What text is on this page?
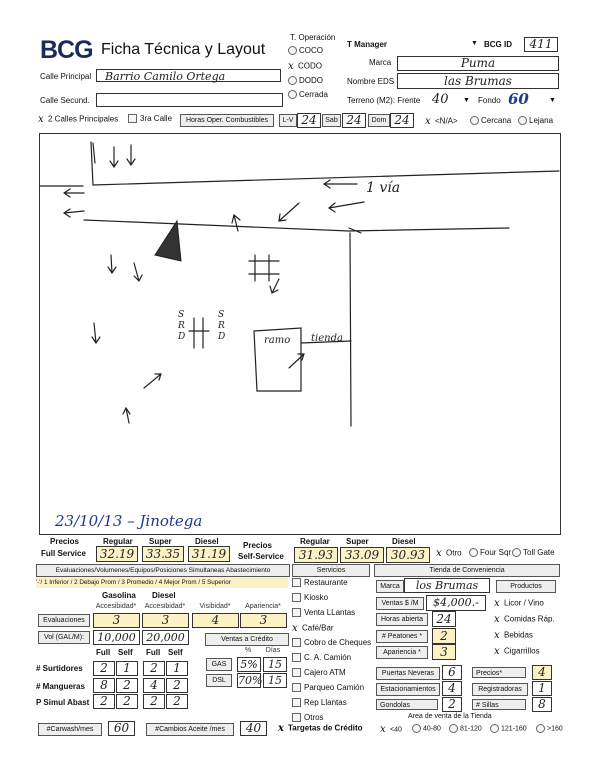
BCG Ficha Técnica y Layout
T. Operación
COCO
x CODO
DODO
Cerrada
T Manager	▼ BCG ID	411
Marca	Puma
Nombre EDS	las Brumas
Terreno (M2): Frente 40 ▼ Fondo 60	▼
Calle Principal	Barrio Camilo Ortega
Calle Secund.
x 2 Calles Principales	3ra Calle	Horas Oper. Combustibles	L-V 24	Sab 24	Dom 24	x <N/A>	Cercana	Lejana
1 vía
ramo tienda
S
R
D
S
R
D
23/10/13 – Jinotega
Precios
Full Service
Regular Super	Diesel
32.19 33.35 31.19
Precios
Self-Service
Regular Super	Diesel
31.93 33.09 30.93	x Otro	Four Sqr	Toll Gate
Evaluaciones/Volumenes/Equipos/Posiciones Simultaneas Abastecimiento
'-'/ 1 Inferior / 2 Debajo Prom / 3 Promedio / 4 Mejor Prom / 5 Superior
Gasolina Diesel
Accesibidad*	Accesibidad*	Visibidad*	Apariencia*
Evaluaciones	3	3	4	3
Vol (GAL/M):	10,000 20,000	Ventas a Crédito
%	Días
GAS	5% 15
DSL	70% 15
Full Self Full Self
# Surtidores	2	1	2	1
# Mangueras	8	2	4	2
P Simul Abast 2	2	2	2
#Carwash/mes	60	#Cambios Aceite /mes	40	x Targetas de Crédito
Servicios
Restaurante
Kiosko
Venta LLantas
x Café/Bar
Cobro de Cheques
C. A. Camión
Cajero ATM
Parqueo Camión
Rep Llantas
Otros
Tienda de Conveniencia
Marca	los Brumas	Productos
Ventas $ /M	$4,000.-
Horas abierta	24
# Peatones *	2
Apariencia *	3
x Licor / Vino
x Comidas Ráp.
x Bebidas
x Cigarrillos
Puertas Neveras	6	Precios*	4
Estacionamientos	4	Registradoras	1
Gondolas	2	# Sillas	8
Area de venta de la Tienda
x <40	40-80	81-120	121-160	>160
